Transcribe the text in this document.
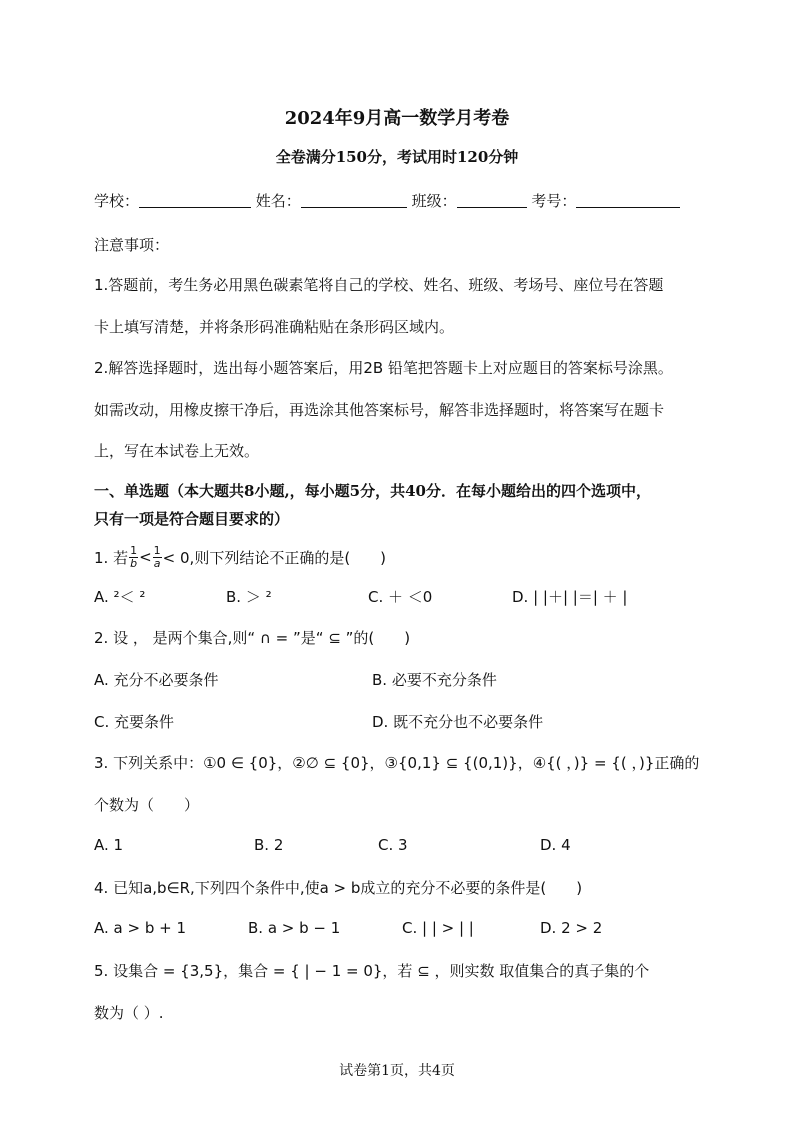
2024年9月高一数学月考卷
全卷满分150分，考试用时120分钟
学校：	姓名：	班级：	考号：
注意事项：
1.答题前，考生务必用黑色碳素笔将自己的学校、姓名、班级、考场号、座位号在答题
卡上填写清楚，并将条形码准确粘贴在条形码区域内。
2.解答选择题时，选出每小题答案后，用2B 铅笔把答题卡上对应题目的答案标号涂黑。
如需改动，用橡皮擦干净后，再选涂其他答案标号，解答非选择题时，将答案写在题卡
上，写在本试卷上无效。
一、单选题（本大题共8小题,，每小题5分，共40分．在每小题给出的四个选项中，
只有一项是符合题目要求的）
1. 若 $\frac{1}{b} < \frac{1}{a} < 0$,则下列结论不正确的是(　　)
A. ²＜ ²	B. ＞ ²	C. ＋ ＜0	D. | |＋| |＝| ＋ |
2. 设 ， 是两个集合,则“ ∩ = ”是“ ⊆ ”的(　　)
A. 充分不必要条件	B. 必要不充分条件
C. 充要条件	D. 既不充分也不必要条件
3. 下列关系中：①0 ∈ {0}，②∅ ⊆ {0}，③{0,1} ⊆ {(0,1)}，④{( ，)} = {( ，)}正确的
个数为（　　）
A. 1	B. 2	C. 3	D. 4
4. 已知a,b∈R,下列四个条件中,使a > b成立的充分不必要的条件是(　　)
A. a > b + 1	B. a > b − 1	C. | | > | |	D. 2 > 2
5. 设集合 = {3,5}，集合 = { | − 1 = 0}，若 ⊆ ，则实数 取值集合的真子集的个
数为（ ）.
试卷第1页，共4页
